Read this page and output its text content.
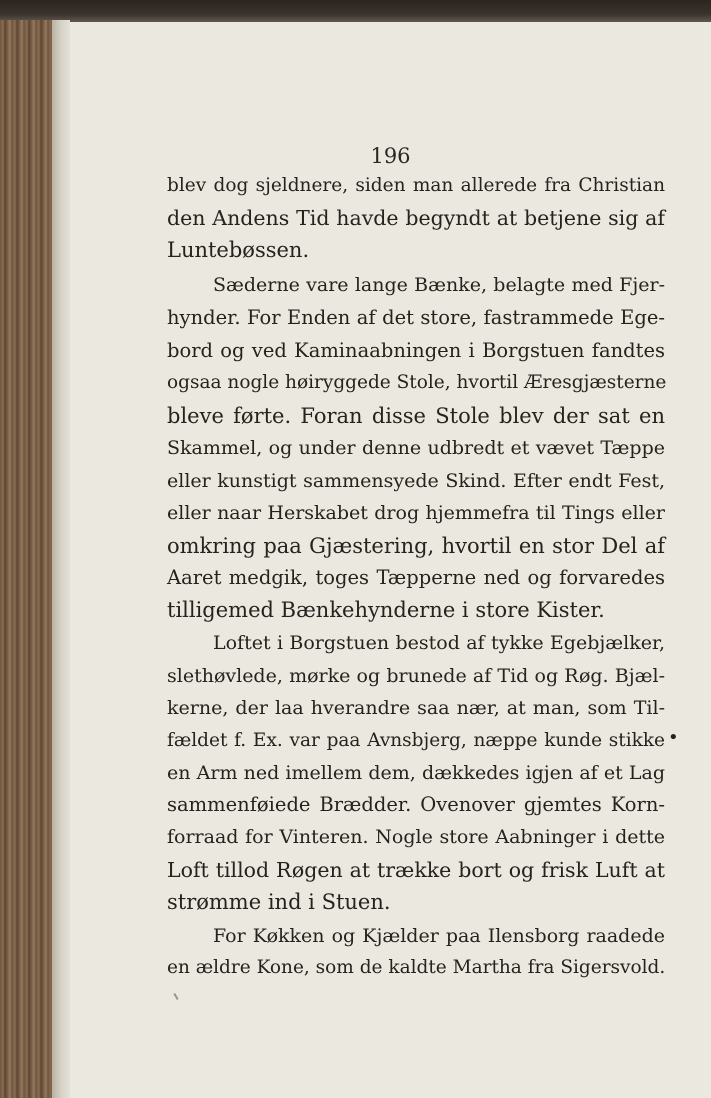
196
blev dog sjeldnere, siden man allerede fra Christian
den Andens Tid havde begyndt at betjene sig af
Luntebøssen.
Sæderne vare lange Bænke, belagte med Fjer-
hynder. For Enden af det store, fastrammede Ege-
bord og ved Kaminaabningen i Borgstuen fandtes
ogsaa nogle høiryggede Stole, hvortil Æresgjæsterne
bleve førte. Foran disse Stole blev der sat en
Skammel, og under denne udbredt et vævet Tæppe
eller kunstigt sammensyede Skind. Efter endt Fest,
eller naar Herskabet drog hjemmefra til Tings eller
omkring paa Gjæstering, hvortil en stor Del af
Aaret medgik, toges Tæpperne ned og forvaredes
tilligemed Bænkehynderne i store Kister.
Loftet i Borgstuen bestod af tykke Egebjælker,
slethøvlede, mørke og brunede af Tid og Røg. Bjæl-
kerne, der laa hverandre saa nær, at man, som Til-
fældet f. Ex. var paa Avnsbjerg, næppe kunde stikke
en Arm ned imellem dem, dækkedes igjen af et Lag
sammenføiede Brædder. Ovenover gjemtes Korn-
forraad for Vinteren. Nogle store Aabninger i dette
Loft tillod Røgen at trække bort og frisk Luft at
strømme ind i Stuen.
For Køkken og Kjælder paa Ilensborg raadede
en ældre Kone, som de kaldte Martha fra Sigersvold.
•
